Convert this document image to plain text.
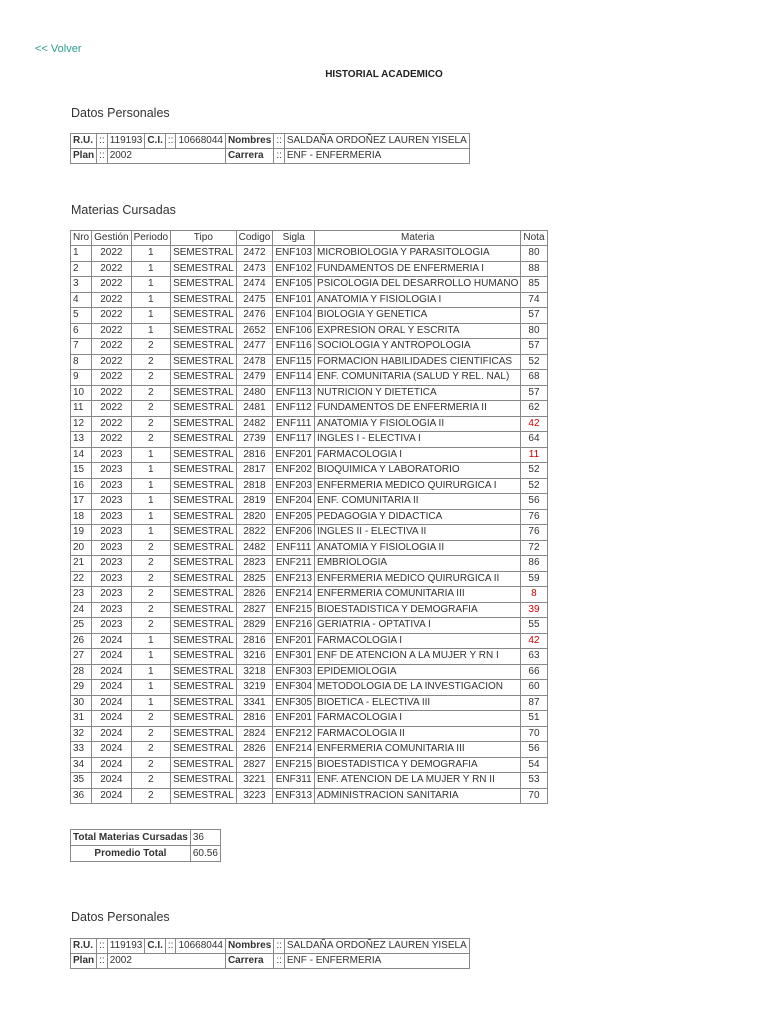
<< Volver
HISTORIAL ACADEMICO
Datos Personales
R.U.	::	119193	C.I.	::	10668044	Nombres	::	SALDAÑA ORDOÑEZ LAUREN YISELA
Plan	::	2002				Carrera	::	ENF - ENFERMERIA
Materias Cursadas
Nro	Gestión	Periodo	Tipo	Codigo	Sigla	Materia	Nota
1	2022	1	SEMESTRAL	2472	ENF103	MICROBIOLOGIA Y PARASITOLOGIA	80
2	2022	1	SEMESTRAL	2473	ENF102	FUNDAMENTOS DE ENFERMERIA I	88
3	2022	1	SEMESTRAL	2474	ENF105	PSICOLOGIA DEL DESARROLLO HUMANO	85
4	2022	1	SEMESTRAL	2475	ENF101	ANATOMIA Y FISIOLOGIA I	74
5	2022	1	SEMESTRAL	2476	ENF104	BIOLOGIA Y GENETICA	57
6	2022	1	SEMESTRAL	2652	ENF106	EXPRESION ORAL Y ESCRITA	80
7	2022	2	SEMESTRAL	2477	ENF116	SOCIOLOGIA Y ANTROPOLOGIA	57
8	2022	2	SEMESTRAL	2478	ENF115	FORMACION HABILIDADES CIENTIFICAS	52
9	2022	2	SEMESTRAL	2479	ENF114	ENF. COMUNITARIA (SALUD Y REL. NAL)	68
10	2022	2	SEMESTRAL	2480	ENF113	NUTRICION Y DIETETICA	57
11	2022	2	SEMESTRAL	2481	ENF112	FUNDAMENTOS DE ENFERMERIA II	62
12	2022	2	SEMESTRAL	2482	ENF111	ANATOMIA Y FISIOLOGIA II	42
13	2022	2	SEMESTRAL	2739	ENF117	INGLES I - ELECTIVA I	64
14	2023	1	SEMESTRAL	2816	ENF201	FARMACOLOGIA I	11
15	2023	1	SEMESTRAL	2817	ENF202	BIOQUIMICA Y LABORATORIO	52
16	2023	1	SEMESTRAL	2818	ENF203	ENFERMERIA MEDICO QUIRURGICA I	52
17	2023	1	SEMESTRAL	2819	ENF204	ENF. COMUNITARIA II	56
18	2023	1	SEMESTRAL	2820	ENF205	PEDAGOGIA Y DIDACTICA	76
19	2023	1	SEMESTRAL	2822	ENF206	INGLES II - ELECTIVA II	76
20	2023	2	SEMESTRAL	2482	ENF111	ANATOMIA Y FISIOLOGIA II	72
21	2023	2	SEMESTRAL	2823	ENF211	EMBRIOLOGIA	86
22	2023	2	SEMESTRAL	2825	ENF213	ENFERMERIA MEDICO QUIRURGICA II	59
23	2023	2	SEMESTRAL	2826	ENF214	ENFERMERIA COMUNITARIA III	8
24	2023	2	SEMESTRAL	2827	ENF215	BIOESTADISTICA Y DEMOGRAFIA	39
25	2023	2	SEMESTRAL	2829	ENF216	GERIATRIA - OPTATIVA I	55
26	2024	1	SEMESTRAL	2816	ENF201	FARMACOLOGIA I	42
27	2024	1	SEMESTRAL	3216	ENF301	ENF DE ATENCION A LA MUJER Y RN I	63
28	2024	1	SEMESTRAL	3218	ENF303	EPIDEMIOLOGIA	66
29	2024	1	SEMESTRAL	3219	ENF304	METODOLOGIA DE LA INVESTIGACION	60
30	2024	1	SEMESTRAL	3341	ENF305	BIOETICA - ELECTIVA III	87
31	2024	2	SEMESTRAL	2816	ENF201	FARMACOLOGIA I	51
32	2024	2	SEMESTRAL	2824	ENF212	FARMACOLOGIA II	70
33	2024	2	SEMESTRAL	2826	ENF214	ENFERMERIA COMUNITARIA III	56
34	2024	2	SEMESTRAL	2827	ENF215	BIOESTADISTICA Y DEMOGRAFIA	54
35	2024	2	SEMESTRAL	3221	ENF311	ENF. ATENCION DE LA MUJER Y RN II	53
36	2024	2	SEMESTRAL	3223	ENF313	ADMINISTRACION SANITARIA	70
Total Materias Cursadas	36
Promedio Total	60.56
Datos Personales
R.U.	::	119193	C.I.	::	10668044	Nombres	::	SALDAÑA ORDOÑEZ LAUREN YISELA
Plan	::	2002				Carrera	::	ENF - ENFERMERIA
